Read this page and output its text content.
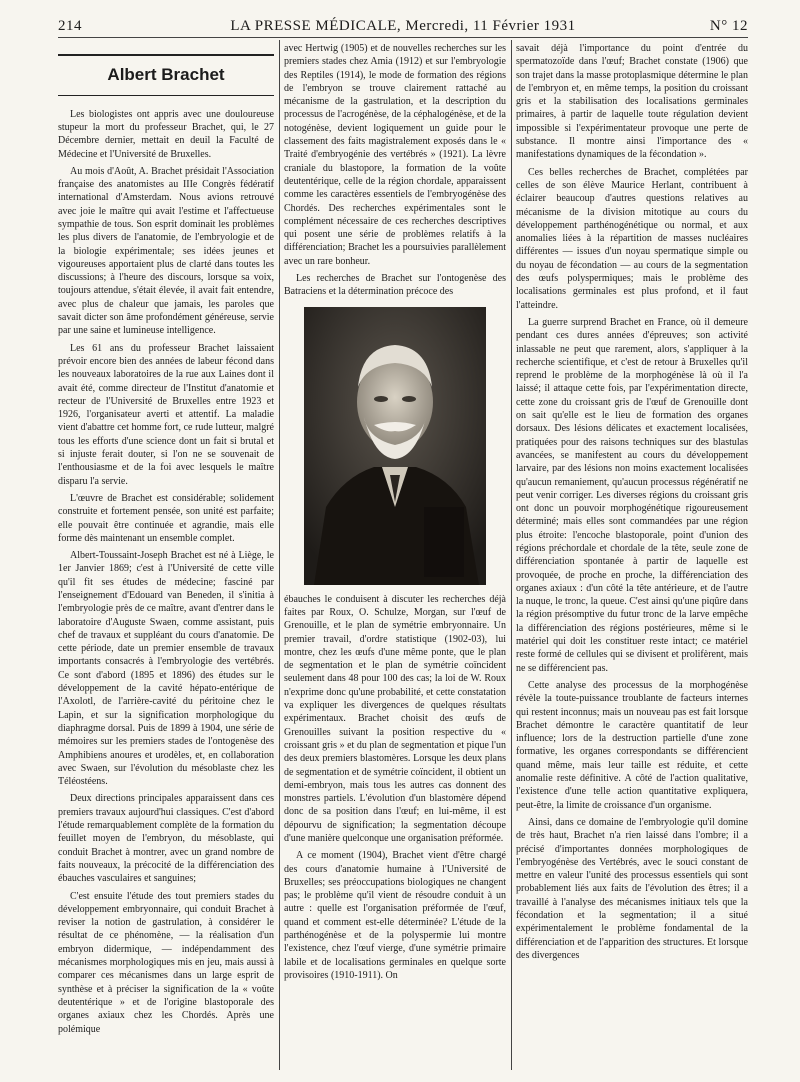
214	LA PRESSE MÉDICALE, Mercredi, 11 Février 1931	N° 12
Albert Brachet

Les biologistes ont appris avec une douloureuse stupeur la mort du professeur Brachet, qui, le 27 Décembre dernier, mettait en deuil la Faculté de Médecine et l'Université de Bruxelles.

Au mois d'Août, A. Brachet présidait l'Association française des anatomistes au IIIe Congrès fédératif international d'Amsterdam. Nous avions retrouvé avec joie le maître qui avait l'estime et l'affectueuse sympathie de tous. Son esprit dominait les problèmes les plus divers de l'anatomie, de l'embryologie et de la biologie expérimentale; ses idées jeunes et vigoureuses apportaient plus de clarté dans toutes les discussions; à l'heure des discours, lorsque sa voix, toujours attendue, s'était élevée, il avait fait entendre, avec plus de chaleur que jamais, les paroles que savait dicter son âme profondément généreuse, servie par une saine et lumineuse intelligence.

Les 61 ans du professeur Brachet laissaient prévoir encore bien des années de labeur fécond dans les nouveaux laboratoires de la rue aux Laines dont il avait été, comme directeur de l'Institut d'anatomie et recteur de l'Université de Bruxelles entre 1923 et 1926, l'organisateur averti et attentif. La maladie vient d'abattre cet homme fort, ce rude lutteur, malgré tous les efforts d'une science dont un fait si brutal et si injuste ferait douter, si l'on ne se souvenait de l'enthousiasme et de la foi avec lesquels le maître disparu l'a servie.

L'œuvre de Brachet est considérable; solidement construite et fortement pensée, son unité est parfaite; elle pouvait être continuée et agrandie, mais elle forme dès maintenant un ensemble complet.

Albert-Toussaint-Joseph Brachet est né à Liège, le 1er Janvier 1869; c'est à l'Université de cette ville qu'il fit ses études de médecine; fasciné par l'enseignement d'Edouard van Beneden, il s'initia à l'embryologie près de ce maître, avant d'entrer dans le laboratoire d'Auguste Swaen, comme assistant, puis chef de travaux et suppléant du cours d'anatomie. De cette période, date un premier ensemble de travaux importants consacrés à l'embryologie des vertébrés. Ce sont d'abord (1895 et 1896) des études sur le développement de la cavité hépato-entérique de l'Axolotl, de l'arrière-cavité du péritoine chez le Lapin, et sur la signification morphologique du diaphragme dorsal. Puis de 1899 à 1904, une série de mémoires sur les premiers stades de l'ontogenèse des Amphibiens anoures et urodèles, et, en collaboration avec Swaen, sur l'évolution du mésoblaste chez les Téléostéens.

Deux directions principales apparaissent dans ces premiers travaux aujourd'hui classiques. C'est d'abord l'étude remarquablement complète de la formation du feuillet moyen de l'embryon, du mésoblaste, qui conduit Brachet à montrer, avec un grand nombre de faits nouveaux, la précocité de la différenciation des ébauches vasculaires et sanguines;

C'est ensuite l'étude des tout premiers stades du développement embryonnaire, qui conduit Brachet à reviser la notion de gastrulation, à considérer le résultat de ce phénomène, — la réalisation d'un embryon didermique, — indépendamment des mécanismes morphologiques mis en jeu, mais aussi à comparer ces mécanismes dans un large esprit de synthèse et à préciser la signification de la « voûte deutentérique » et de l'origine blastoporale des organes axiaux chez les Chordés. Après une polémique

avec Hertwig (1905) et de nouvelles recherches sur les premiers stades chez Amia (1912) et sur l'embryologie des Reptiles (1914), le mode de formation des régions de l'embryon se trouve clairement rattaché au mécanisme de la gastrulation, et la description du processus de l'acrogénèse, de la céphalogénèse, et de la notogénèse, devient logiquement un guide pour le classement des faits magistralement exposés dans le « Traité d'embryogénie des vertébrés » (1921). La lèvre craniale du blastopore, la formation de la voûte deutentérique, celle de la région chordale, apparaissent comme les caractères essentiels de l'embryogénèse des Chordés. Des recherches expérimentales sont le complément nécessaire de ces recherches descriptives qui posent une série de problèmes relatifs à la différenciation; Brachet les a poursuivies parallèlement avec un rare bonheur.

Les recherches de Brachet sur l'ontogenèse des Batraciens et la détermination précoce des

ébauches le conduisent à discuter les recherches déjà faites par Roux, O. Schulze, Morgan, sur l'œuf de Grenouille, et le plan de symétrie embryonnaire. Un premier travail, d'ordre statistique (1902-03), lui montre, chez les œufs d'une même ponte, que le plan de segmentation et le plan de symétrie coïncident seulement dans 48 pour 100 des cas; la loi de W. Roux n'exprime donc qu'une probabilité, et cette constatation va expliquer les divergences de quelques résultats expérimentaux. Brachet choisit des œufs de Grenouilles suivant la position respective du « croissant gris » et du plan de segmentation et pique l'un des deux premiers blastomères. Lorsque les deux plans de segmentation et de symétrie coïncident, il obtient un demi-embryon, mais tous les autres cas donnent des monstres partiels. L'évolution d'un blastomère dépend donc de sa position dans l'œuf; en lui-même, il est dépourvu de signification; la segmentation découpe d'une manière quelconque une organisation préformée.

A ce moment (1904), Brachet vient d'être chargé des cours d'anatomie humaine à l'Université de Bruxelles; ses préoccupations biologiques ne changent pas; le problème qu'il vient de résoudre conduit à un autre : quelle est l'organisation préformée de l'œuf, quand et comment est-elle déterminée? L'étude de la parthénogénèse et de la polyspermie lui montre l'existence, chez l'œuf vierge, d'une symétrie primaire labile et de localisations germinales en quelque sorte provisoires (1910-1911). On

savait déjà l'importance du point d'entrée du spermatozoïde dans l'œuf; Brachet constate (1906) que son trajet dans la masse protoplasmique détermine le plan de l'embryon et, en même temps, la position du croissant gris et la stabilisation des localisations germinales primaires, à partir de laquelle toute régulation devient impossible si l'expérimentateur provoque une perte de substance. Il montre ainsi l'importance des « manifestations dynamiques de la fécondation ».

Ces belles recherches de Brachet, complétées par celles de son élève Maurice Herlant, contribuent à éclairer beaucoup d'autres questions relatives au mécanisme de la division mitotique au cours du développement parthénogénétique ou normal, et aux anomalies liées à la répartition de masses nucléaires différentes — issues d'un noyau spermatique simple ou du noyau de fécondation — au cours de la segmentation des œufs polyspermiques; mais le problème des localisations germinales est plus profond, et il faut l'atteindre.

La guerre surprend Brachet en France, où il demeure pendant ces dures années d'épreuves; son activité inlassable ne peut que rarement, alors, s'appliquer à la recherche scientifique, et c'est de retour à Bruxelles qu'il reprend le problème de la morphogénèse là où il l'a laissé; il attaque cette fois, par l'expérimentation directe, cette zone du croissant gris de l'œuf de Grenouille dont on sait qu'elle est le lieu de formation des organes dorsaux. Des lésions délicates et exactement localisées, pratiquées pour des raisons techniques sur des blastulas avancées, se manifestent au cours du développement larvaire, par des lésions non moins exactement localisées qu'aucun remaniement, qu'aucun processus régénératif ne peut venir corriger. Les diverses régions du croissant gris ont donc un pouvoir morphogénétique rigoureusement déterminé; mais elles sont commandées par une région plus étroite: l'encoche blastoporale, point d'union des régions préchordale et chordale de la tête, seule zone de différenciation spontanée à partir de laquelle est provoquée, de proche en proche, la différenciation des organes axiaux : d'un côté la tête antérieure, et de l'autre la nuque, le tronc, la queue. C'est ainsi qu'une piqûre dans la région présomptive du futur tronc de la larve empêche la différenciation des régions postérieures, même si le matériel qui doit les constituer reste intact; ce matériel reste formé de cellules qui se divisent et prolifèrent, mais ne se différencient pas.

Cette analyse des processus de la morphogénèse révèle la toute-puissance troublante de facteurs internes qui restent inconnus; mais un nouveau pas est fait lorsque Brachet démontre le caractère quantitatif de leur influence; lors de la destruction partielle d'une zone formative, les organes correspondants se différencient quand même, mais leur taille est réduite, et cette anomalie reste définitive. A côté de l'action qualitative, l'existence d'une telle action quantitative expliquera, peut-être, la limite de croissance d'un organisme.

Ainsi, dans ce domaine de l'embryologie qu'il domine de très haut, Brachet n'a rien laissé dans l'ombre; il a précisé d'importantes données morphologiques de l'embryogénèse des Vertébrés, avec le souci constant de mettre en valeur l'unité des processus essentiels qui sont probablement liés aux faits de l'évolution des êtres; il a travaillé à l'analyse des mécanismes initiaux tels que la fécondation et la segmentation; il a situé expérimentalement le problème fondamental de la différenciation et de l'apparition des structures. Et lorsque des divergences
